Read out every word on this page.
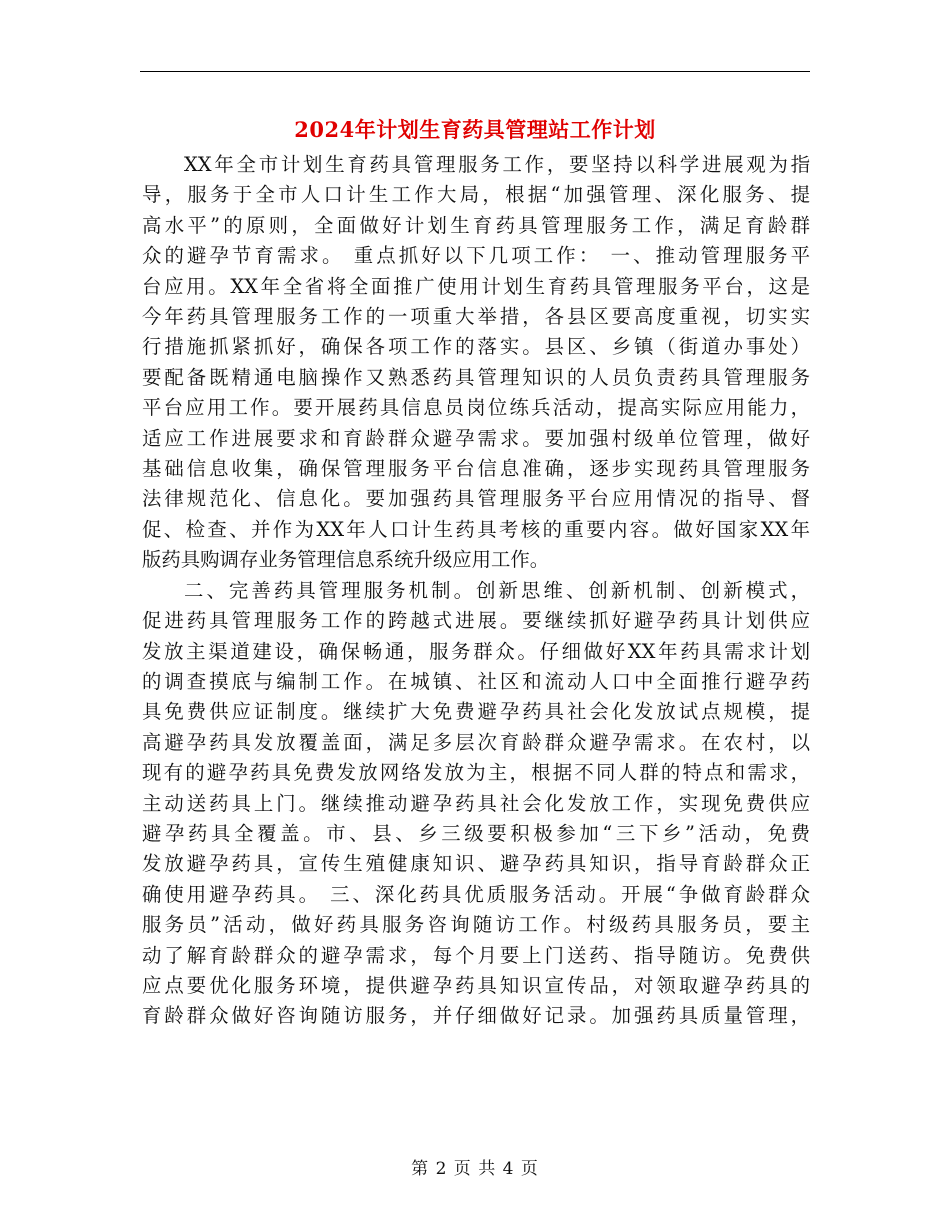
2024年计划生育药具管理站工作计划
XX年全市计划生育药具管理服务工作，要坚持以科学进展观为指
导，服务于全市人口计生工作大局，根据“加强管理、深化服务、提
高水平”的原则，全面做好计划生育药具管理服务工作，满足育龄群
众的避孕节育需求。 重点抓好以下几项工作： 一、推动管理服务平
台应用。XX年全省将全面推广使用计划生育药具管理服务平台，这是
今年药具管理服务工作的一项重大举措，各县区要高度重视，切实实
行措施抓紧抓好，确保各项工作的落实。县区、乡镇（街道办事处）
要配备既精通电脑操作又熟悉药具管理知识的人员负责药具管理服务
平台应用工作。要开展药具信息员岗位练兵活动，提高实际应用能力，
适应工作进展要求和育龄群众避孕需求。要加强村级单位管理，做好
基础信息收集，确保管理服务平台信息准确，逐步实现药具管理服务
法律规范化、信息化。要加强药具管理服务平台应用情况的指导、督
促、检查、并作为XX年人口计生药具考核的重要内容。做好国家XX年
版药具购调存业务管理信息系统升级应用工作。
二、完善药具管理服务机制。创新思维、创新机制、创新模式，
促进药具管理服务工作的跨越式进展。要继续抓好避孕药具计划供应
发放主渠道建设，确保畅通，服务群众。仔细做好XX年药具需求计划
的调查摸底与编制工作。在城镇、社区和流动人口中全面推行避孕药
具免费供应证制度。继续扩大免费避孕药具社会化发放试点规模，提
高避孕药具发放覆盖面，满足多层次育龄群众避孕需求。在农村，以
现有的避孕药具免费发放网络发放为主，根据不同人群的特点和需求，
主动送药具上门。继续推动避孕药具社会化发放工作，实现免费供应
避孕药具全覆盖。市、县、乡三级要积极参加“三下乡”活动，免费
发放避孕药具，宣传生殖健康知识、避孕药具知识，指导育龄群众正
确使用避孕药具。 三、深化药具优质服务活动。开展“争做育龄群众
服务员”活动，做好药具服务咨询随访工作。村级药具服务员，要主
动了解育龄群众的避孕需求，每个月要上门送药、指导随访。免费供
应点要优化服务环境，提供避孕药具知识宣传品，对领取避孕药具的
育龄群众做好咨询随访服务，并仔细做好记录。加强药具质量管理，
第 2 页 共 4 页
